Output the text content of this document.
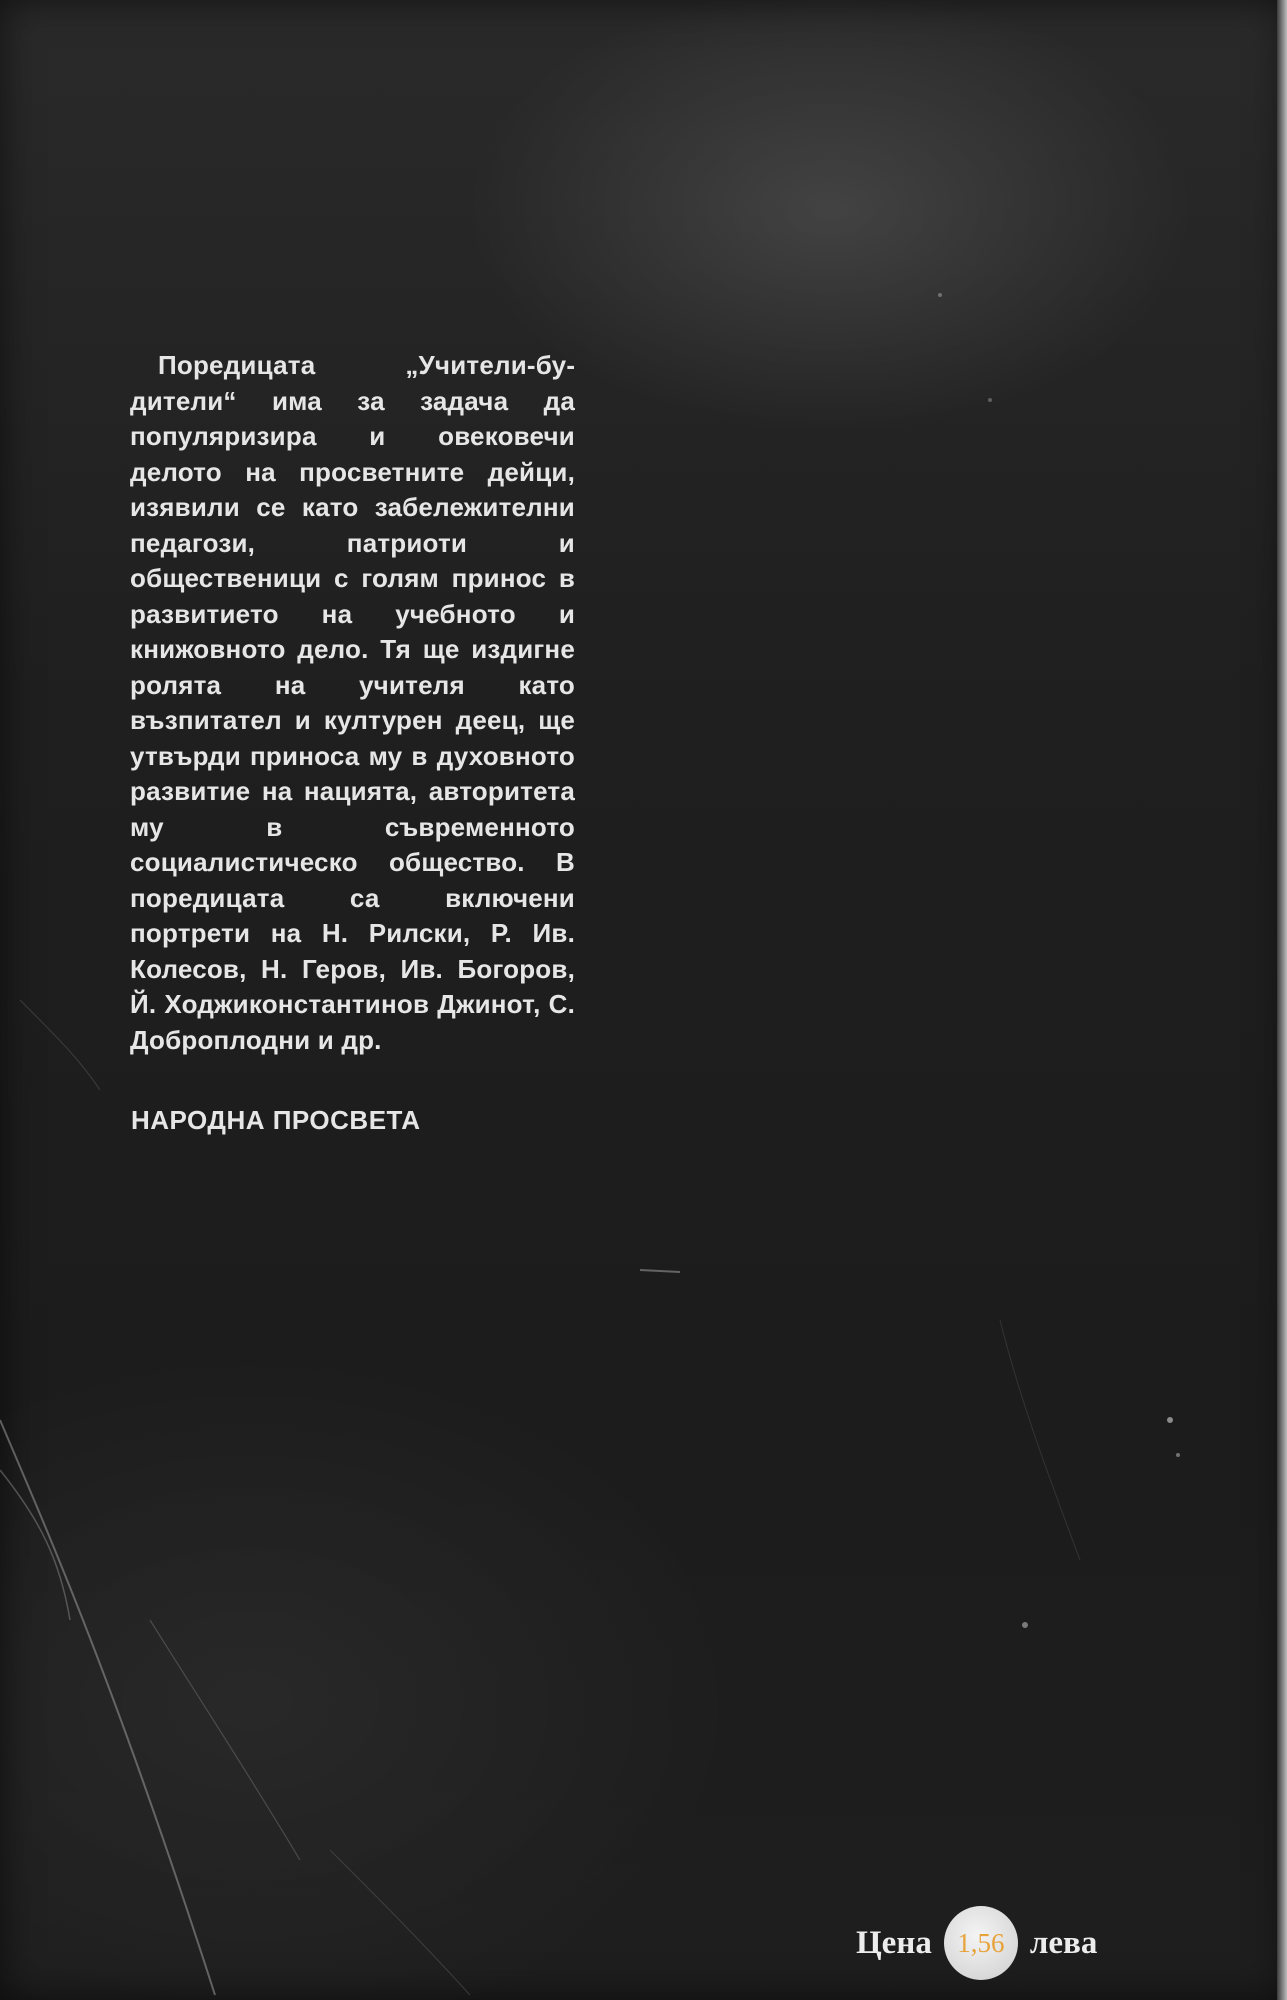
Поредицата „Учители-будители“ има за задача да популяризира и овековечи делото на просветните дейци, изявили се като забележителни педагози, патриоти и общественици с голям принос в развитието на учебното и книжовното дело. Тя ще издигне ролята на учителя като възпитател и културен деец, ще утвърди приноса му в духовното развитие на нацията, авторитета му в съвременното социалистическо общество. В поредицата са включени портрети на Н. Рилски, Р. Ив. Колесов, Н. Геров, Ив. Богоров, Й. Ходжиконстантинов Джинот, С. Доброплодни и др.

НАРОДНА ПРОСВЕТА
Цена 1,56 лева
